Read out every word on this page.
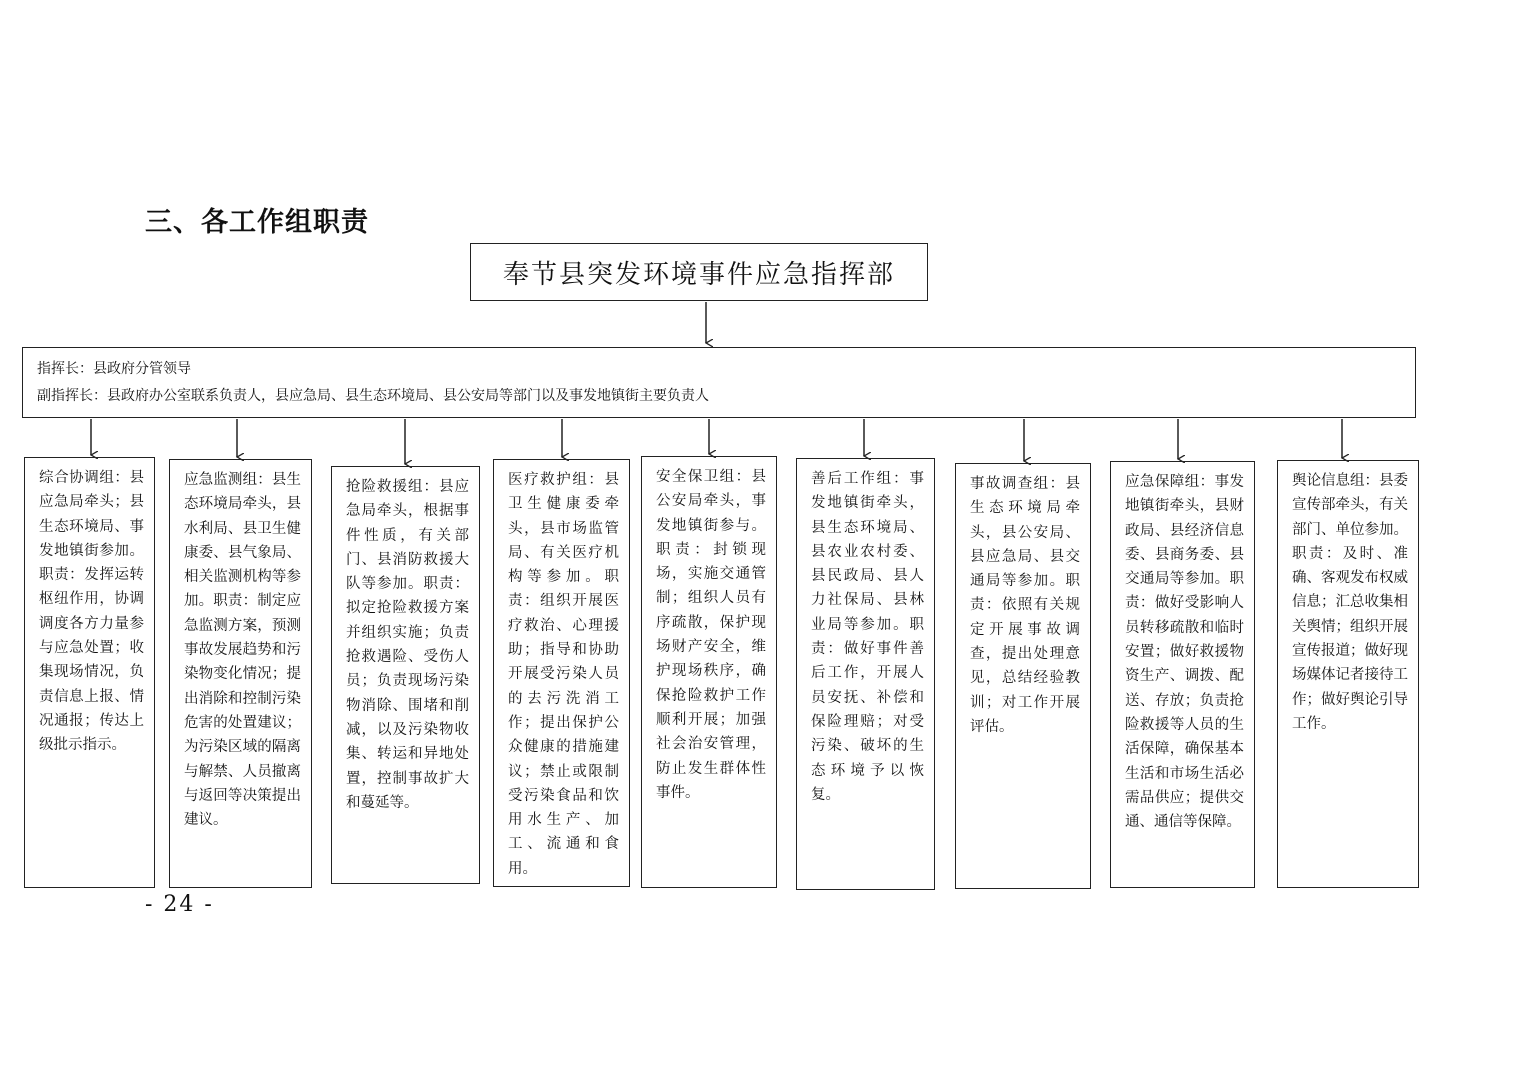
三、各工作组职责
奉节县突发环境事件应急指挥部
指挥长：县政府分管领导
副指挥长：县政府办公室联系负责人，县应急局、县生态环境局、县公安局等部门以及事发地镇街主要负责人
综合协调组：县应急局牵头；县生态环境局、事发地镇街参加。职责：发挥运转枢纽作用，协调调度各方力量参与应急处置；收集现场情况，负责信息上报、情况通报；传达上级批示指示。
应急监测组：县生态环境局牵头，县水利局、县卫生健康委、县气象局、相关监测机构等参加。职责：制定应急监测方案，预测事故发展趋势和污染物变化情况；提出消除和控制污染危害的处置建议；为污染区域的隔离与解禁、人员撤离与返回等决策提出建议。
抢险救援组：县应急局牵头，根据事件性质，有关部门、县消防救援大队等参加。职责：拟定抢险救援方案并组织实施；负责抢救遇险、受伤人员；负责现场污染物消除、围堵和削减，以及污染物收集、转运和异地处置，控制事故扩大和蔓延等。
医疗救护组：县卫生健康委牵头，县市场监管局、有关医疗机构等参加。职责：组织开展医疗救治、心理援助；指导和协助开展受污染人员的去污洗消工作；提出保护公众健康的措施建议；禁止或限制受污染食品和饮用水生产、加工、流通和食用。
安全保卫组：县公安局牵头，事发地镇街参与。职责：封锁现场，实施交通管制；组织人员有序疏散，保护现场财产安全，维护现场秩序，确保抢险救护工作顺利开展；加强社会治安管理，防止发生群体性事件。
善后工作组：事发地镇街牵头，县生态环境局、县农业农村委、县民政局、县人力社保局、县林业局等参加。职责：做好事件善后工作，开展人员安抚、补偿和保险理赔；对受污染、破坏的生态环境予以恢复。
事故调查组：县生态环境局牵头，县公安局、县应急局、县交通局等参加。职责：依照有关规定开展事故调查，提出处理意见，总结经验教训；对工作开展评估。
应急保障组：事发地镇街牵头，县财政局、县经济信息委、县商务委、县交通局等参加。职责：做好受影响人员转移疏散和临时安置；做好救援物资生产、调拨、配送、存放；负责抢险救援等人员的生活保障，确保基本生活和市场生活必需品供应；提供交通、通信等保障。
舆论信息组：县委宣传部牵头，有关部门、单位参加。职责：及时、准确、客观发布权威信息；汇总收集相关舆情；组织开展宣传报道；做好现场媒体记者接待工作；做好舆论引导工作。
- 24 -
